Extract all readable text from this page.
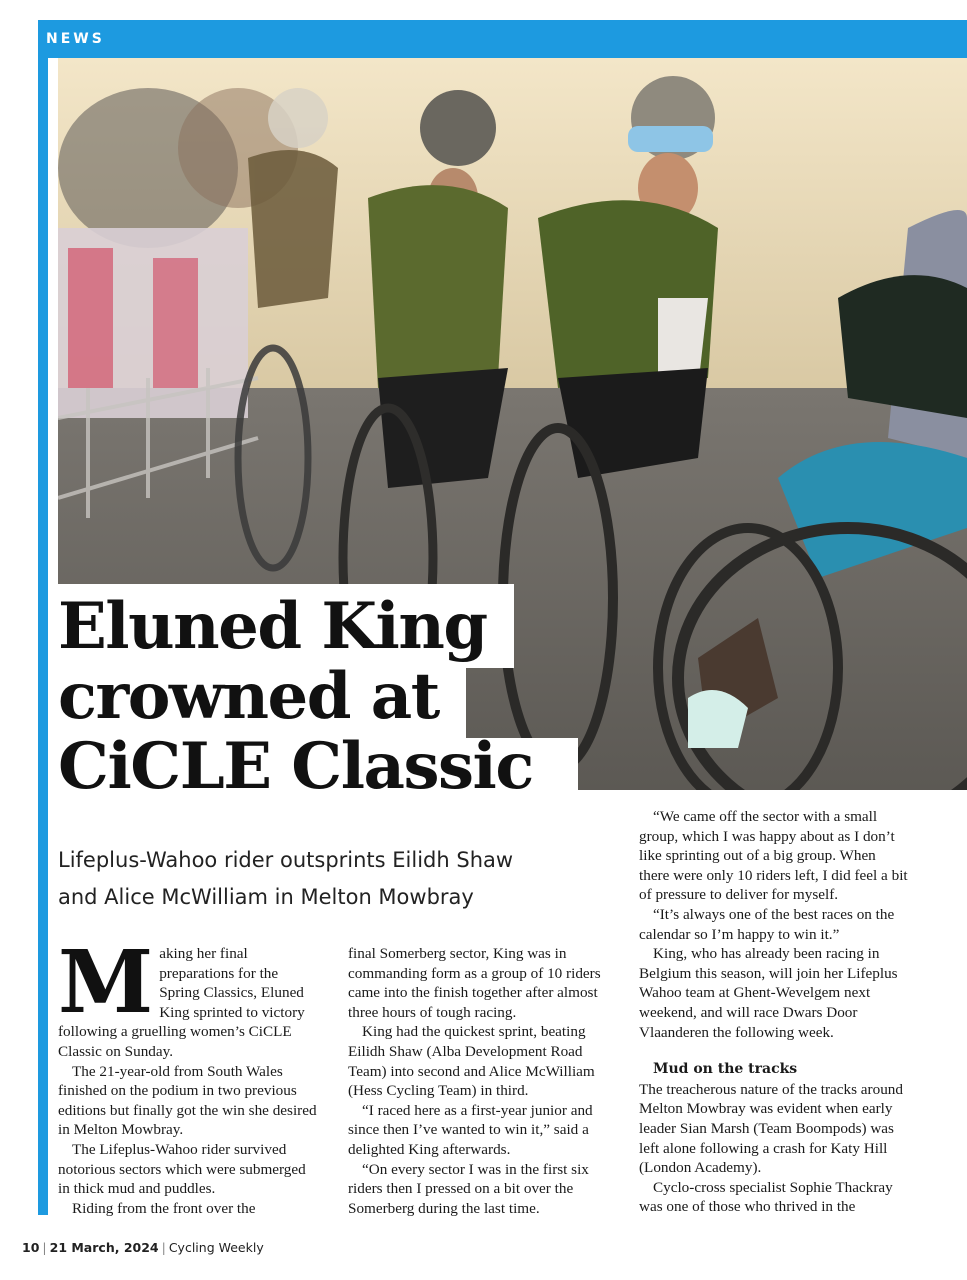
NEWS
Eluned King
crowned at
CiCLE Classic
Lifeplus-Wahoo rider outsprints Eilidh Shaw
and Alice McWilliam in Melton Mowbray
M aking her final preparations for the Spring Classics, Eluned King sprinted to victory following a gruelling women’s CiCLE Classic on Sunday.

The 21-year-old from South Wales finished on the podium in two previous editions but finally got the win she desired in Melton Mowbray.

The Lifeplus-Wahoo rider survived notorious sectors which were submerged in thick mud and puddles.

Riding from the front over the

final Somerberg sector, King was in commanding form as a group of 10 riders came into the finish together after almost three hours of tough racing.

King had the quickest sprint, beating Eilidh Shaw (Alba Development Road Team) into second and Alice McWilliam (Hess Cycling Team) in third.

“I raced here as a first-year junior and since then I’ve wanted to win it,” said a delighted King afterwards.

“On every sector I was in the first six riders then I pressed on a bit over the Somerberg during the last time.

“We came off the sector with a small group, which I was happy about as I don’t like sprinting out of a big group. When there were only 10 riders left, I did feel a bit of pressure to deliver for myself.

“It’s always one of the best races on the calendar so I’m happy to win it.”

King, who has already been racing in Belgium this season, will join her Lifeplus Wahoo team at Ghent-Wevelgem next weekend, and will race Dwars Door Vlaanderen the following week.

Mud on the tracks

The treacherous nature of the tracks around Melton Mowbray was evident when early leader Sian Marsh (Team Boompods) was left alone following a crash for Katy Hill (London Academy).

Cyclo-cross specialist Sophie Thackray was one of those who thrived in the

10 | 21 March, 2024 | Cycling Weekly
